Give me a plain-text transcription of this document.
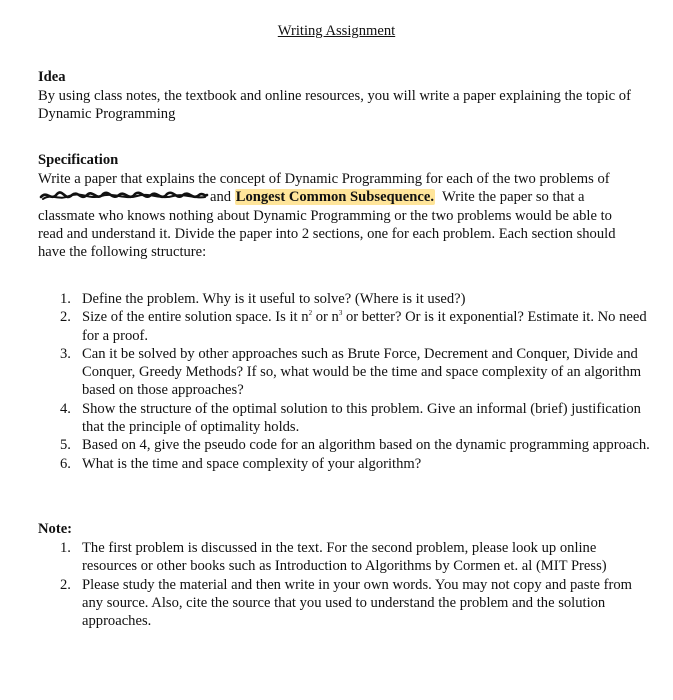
Writing Assignment
Idea
By using class notes, the textbook and online resources, you will write a paper explaining the topic of Dynamic Programming
Specification
Write a paper that explains the concept of Dynamic Programming for each of the two problems ofand Longest Common Subsequence. Write the paper so that a classmate who knows nothing about Dynamic Programming or the two problems would be able to read and understand it. Divide the paper into 2 sections, one for each problem. Each section should have the following structure:
1. Define the problem. Why is it useful to solve? (Where is it used?)
2. Size of the entire solution space. Is it $n^2$ or $n^3$ or better? Or is it exponential? Estimate it. No need for a proof.
3. Can it be solved by other approaches such as Brute Force, Decrement and Conquer, Divide and Conquer, Greedy Methods? If so, what would be the time and space complexity of an algorithm based on those approaches?
4. Show the structure of the optimal solution to this problem. Give an informal (brief) justification that the principle of optimality holds.
5. Based on 4, give the pseudo code for an algorithm based on the dynamic programming approach.
6. What is the time and space complexity of your algorithm?
Note:
1. The first problem is discussed in the text. For the second problem, please look up online resources or other books such as Introduction to Algorithms by Cormen et. al (MIT Press)
2. Please study the material and then write in your own words. You may not copy and paste from any source. Also, cite the source that you used to understand the problem and the solution approaches.
